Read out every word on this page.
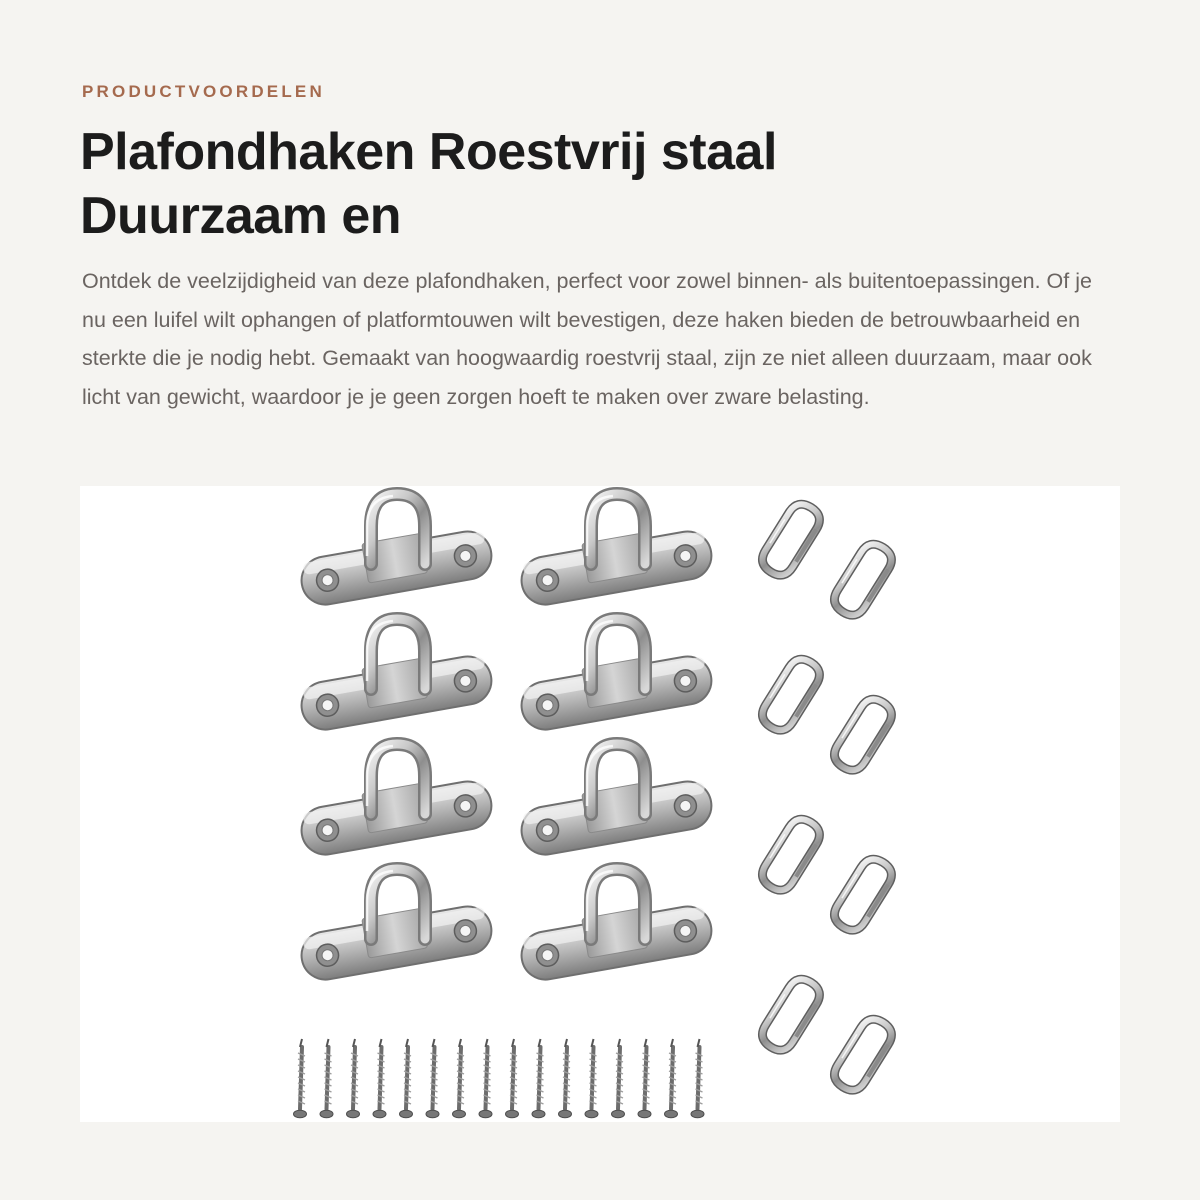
PRODUCTVOORDELEN
Plafondhaken Roestvrij staal Duurzaam en

Ontdek de veelzijdigheid van deze plafondhaken, perfect voor zowel binnen- als buitentoepassingen. Of je nu een luifel wilt ophangen of platformtouwen wilt bevestigen, deze haken bieden de betrouwbaarheid en sterkte die je nodig hebt. Gemaakt van hoogwaardig roestvrij staal, zijn ze niet alleen duurzaam, maar ook licht van gewicht, waardoor je je geen zorgen hoeft te maken over zware belasting.
